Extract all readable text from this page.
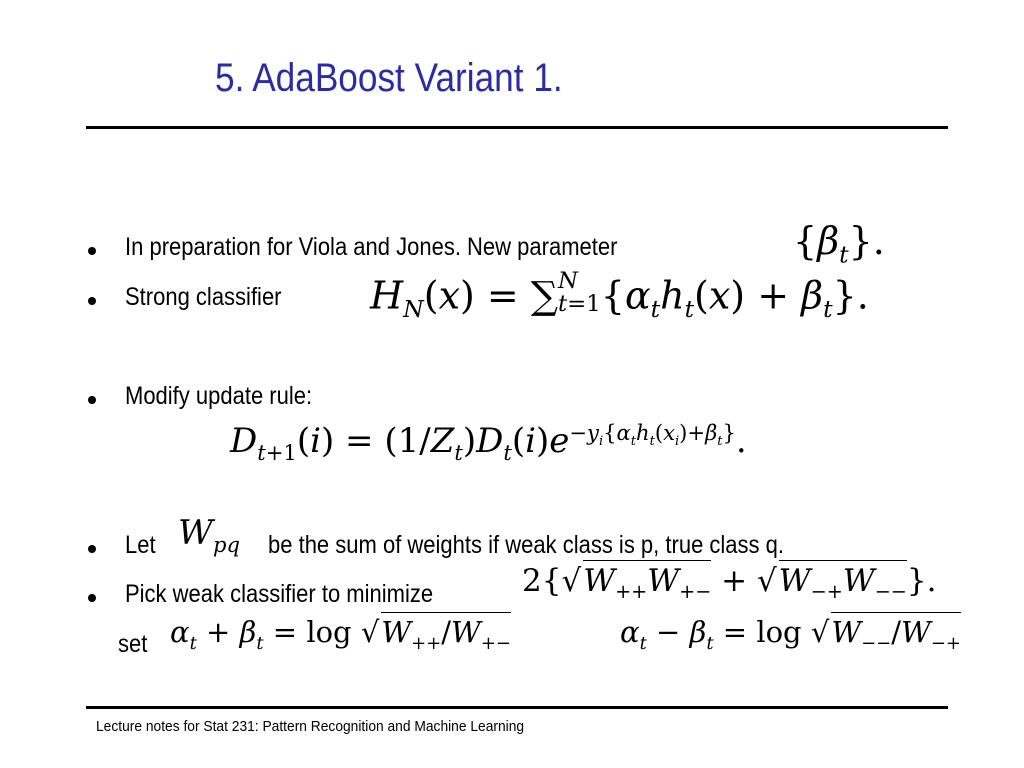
5. AdaBoost Variant 1.
In preparation for Viola and Jones. New parameter	$\{\beta_t\}$.
Strong classifier $H_N(x)$ = ∑ N
t=1 $\{\alpha_th_t(x) + \beta_t\}$.
Modify update rule:
$D_{t+1}(i) = (1/Z_t)D_t(i)e^{-y_i\{\alpha_th_t(x_i)+\beta_t\}}$.
Let $W_{pq}$ be the sum of weights if weak class is p, true class q.
Pick weak classifier to minimize	$2\{√W_{++}W_{+-} + √W_{-+}W_{--}\}$.
set $\alpha_t + \beta_t = \log √W_{++}/W_{+-}$	$\alpha_t - \beta_t = \log √W_{--}/W_{-+}$
Lecture notes for Stat 231: Pattern Recognition and Machine Learning
